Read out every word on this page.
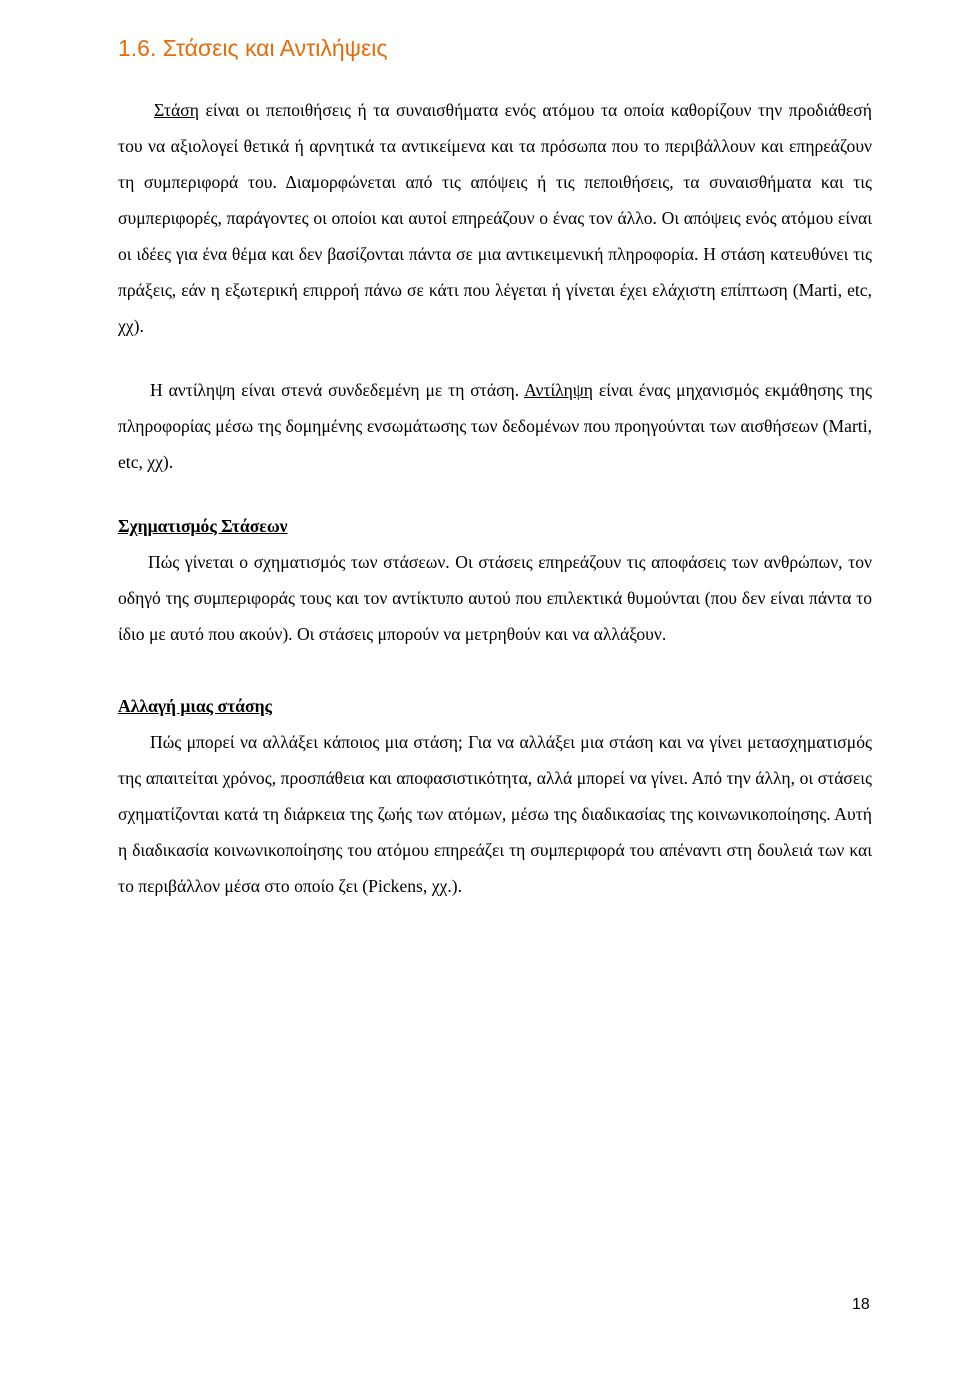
1.6. Στάσεις και Αντιλήψεις

Στάση είναι οι πεποιθήσεις ή τα συναισθήματα ενός ατόμου τα οποία καθορίζουν την προδιάθεσή του να αξιολογεί θετικά ή αρνητικά τα αντικείμενα και τα πρόσωπα που το περιβάλλουν και επηρεάζουν τη συμπεριφορά του. Διαμορφώνεται από τις απόψεις ή τις πεποιθήσεις, τα συναισθήματα και τις συμπεριφορές, παράγοντες οι οποίοι και αυτοί επηρεάζουν ο ένας τον άλλο. Οι απόψεις ενός ατόμου είναι οι ιδέες για ένα θέμα και δεν βασίζονται πάντα σε μια αντικειμενική πληροφορία. Η στάση κατευθύνει τις πράξεις, εάν η εξωτερική επιρροή πάνω σε κάτι που λέγεται ή γίνεται έχει ελάχιστη επίπτωση (Marti, etc, χχ).

Η αντίληψη είναι στενά συνδεδεμένη με τη στάση. Αντίληψη είναι ένας μηχανισμός εκμάθησης της πληροφορίας μέσω της δομημένης ενσωμάτωσης των δεδομένων που προηγούνται των αισθήσεων (Marti, etc, χχ).

Σχηματισμός Στάσεων

Πώς γίνεται ο σχηματισμός των στάσεων. Οι στάσεις επηρεάζουν τις αποφάσεις των ανθρώπων, τον οδηγό της συμπεριφοράς τους και τον αντίκτυπο αυτού που επιλεκτικά θυμούνται (που δεν είναι πάντα το ίδιο με αυτό που ακούν). Οι στάσεις μπορούν να μετρηθούν και να αλλάξουν.

Αλλαγή μιας στάσης

Πώς μπορεί να αλλάξει κάποιος μια στάση; Για να αλλάξει μια στάση και να γίνει μετασχηματισμός της απαιτείται χρόνος, προσπάθεια και αποφασιστικότητα, αλλά μπορεί να γίνει. Από την άλλη, οι στάσεις σχηματίζονται κατά τη διάρκεια της ζωής των ατόμων, μέσω της διαδικασίας της κοινωνικοποίησης. Αυτή η διαδικασία κοινωνικοποίησης του ατόμου επηρεάζει τη συμπεριφορά του απέναντι στη δουλειά των και το περιβάλλον μέσα στο οποίο ζει (Pickens, χχ.).

18
